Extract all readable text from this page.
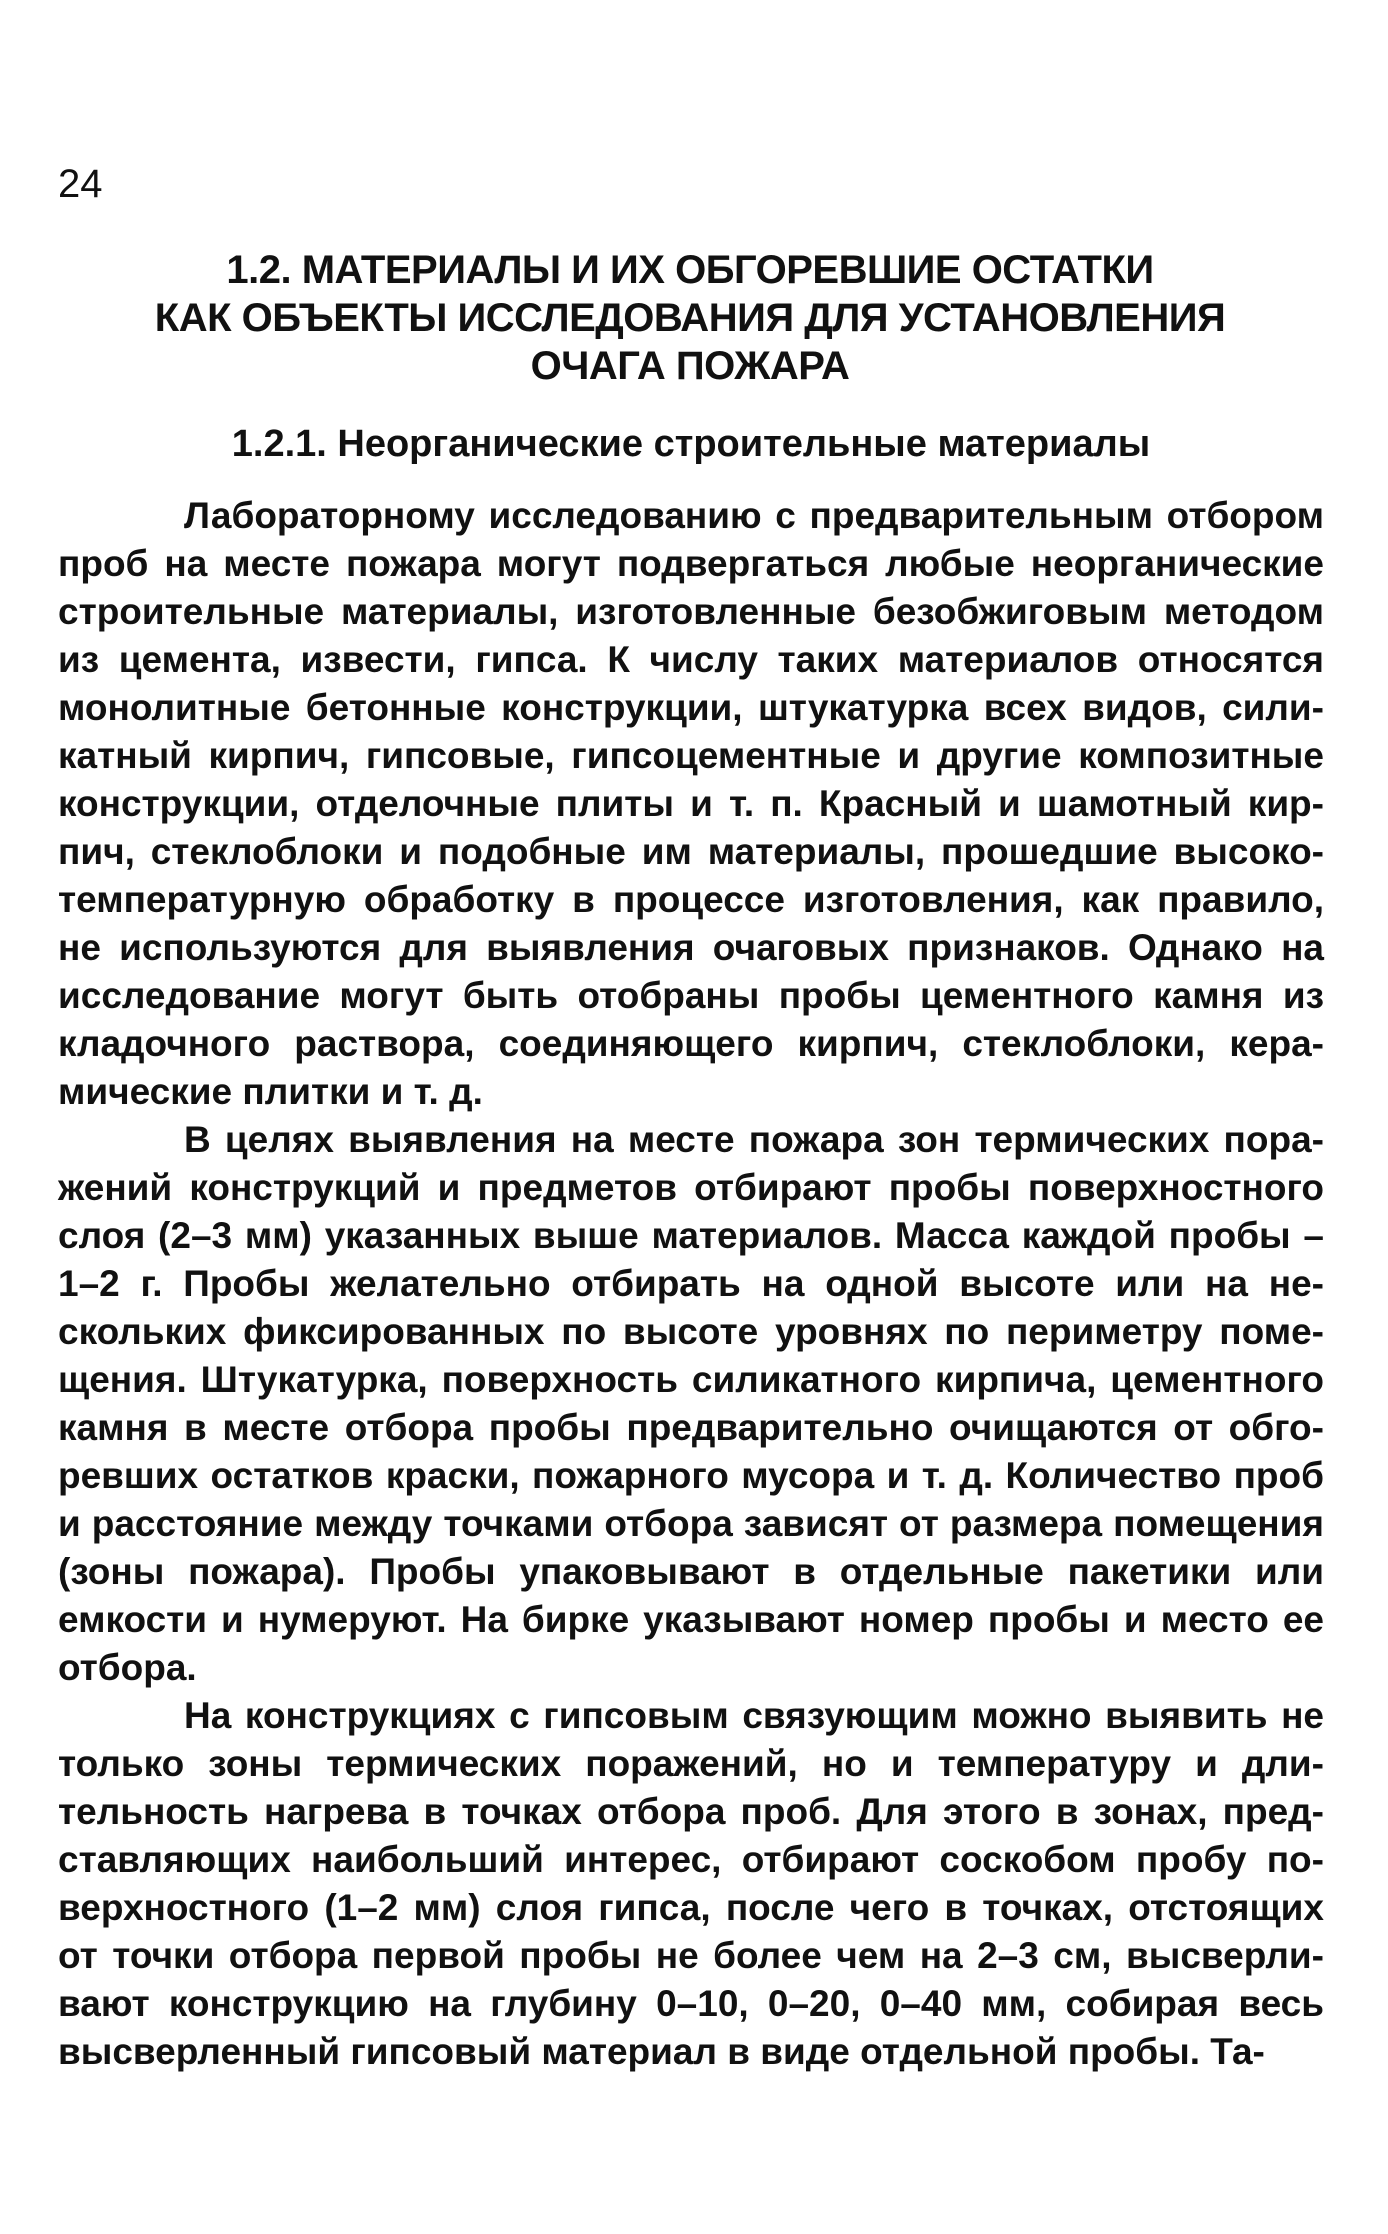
24
1.2. МАТЕРИАЛЫ И ИХ ОБГОРЕВШИЕ ОСТАТКИ
КАК ОБЪЕКТЫ ИССЛЕДОВАНИЯ ДЛЯ УСТАНОВЛЕНИЯ
ОЧАГА ПОЖАРА
1.2.1. Неорганические строительные материалы

Лабораторному исследованию с предварительным отбором проб на месте пожара могут подвергаться любые неорганические строительные материалы, изготовленные безобжиговым методом из цемента, извести, гипса. К числу таких материалов относятся монолитные бетонные конструкции, штукатурка всех видов, силикатный кирпич, гипсовые, гипсоцементные и другие композитные конструкции, отделочные плиты и т. п. Красный и шамотный кирпич, стеклоблоки и подобные им материалы, прошедшие высокотемпературную обработку в процессе изготовления, как правило, не используются для выявления очаговых признаков. Однако на исследование могут быть отобраны пробы цементного камня из кладочного раствора, соединяющего кирпич, стеклоблоки, керамические плитки и т. д.

В целях выявления на месте пожара зон термических поражений конструкций и предметов отбирают пробы поверхностного слоя (2–3 мм) указанных выше материалов. Масса каждой пробы – 1–2 г. Пробы желательно отбирать на одной высоте или на нескольких фиксированных по высоте уровнях по периметру помещения. Штукатурка, поверхность силикатного кирпича, цементного камня в месте отбора пробы предварительно очищаются от обгоревших остатков краски, пожарного мусора и т. д. Количество проб и расстояние между точками отбора зависят от размера помещения (зоны пожара). Пробы упаковывают в отдельные пакетики или емкости и нумеруют. На бирке указывают номер пробы и место ее отбора.

На конструкциях с гипсовым связующим можно выявить не только зоны термических поражений, но и температуру и длительность нагрева в точках отбора проб. Для этого в зонах, представляющих наибольший интерес, отбирают соскобом пробу поверхностного (1–2 мм) слоя гипса, после чего в точках, отстоящих от точки отбора первой пробы не более чем на 2–3 см, высверливают конструкцию на глубину 0–10, 0–20, 0–40 мм, собирая весь высверленный гипсовый материал в виде отдельной пробы. Та-
